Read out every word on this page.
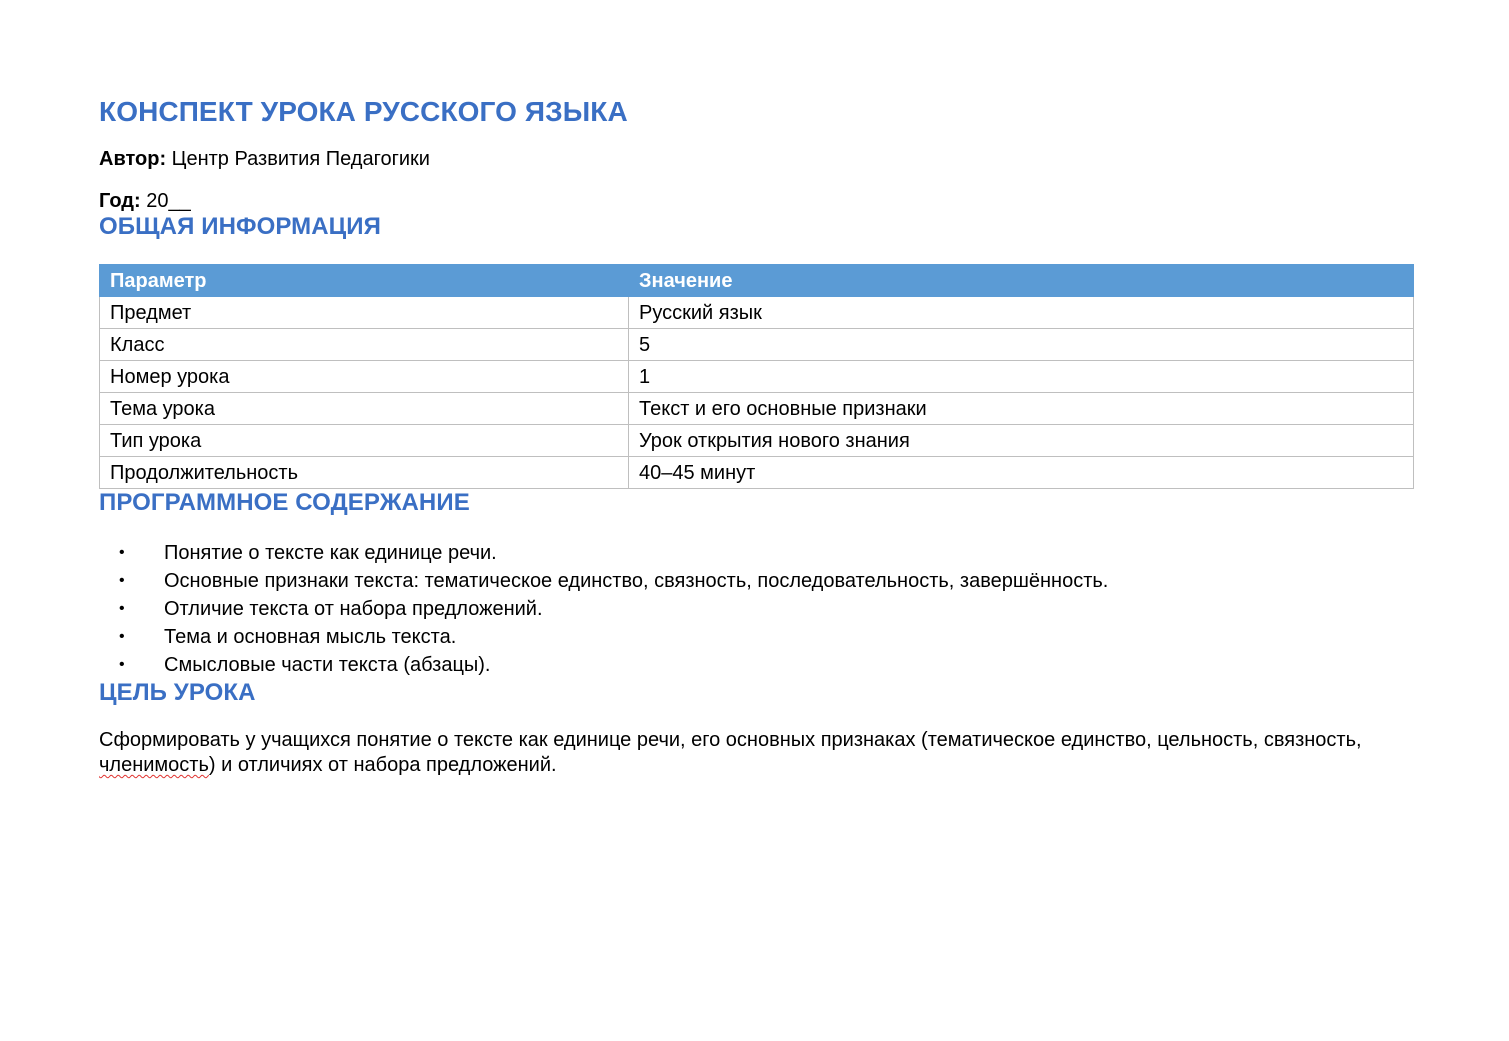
КОНСПЕКТ УРОКА РУССКОГО ЯЗЫКА

Автор: Центр Развития Педагогики

Год: 20__

ОБЩАЯ ИНФОРМАЦИЯ
Параметр	Значение
Предмет	Русский язык
Класс	5
Номер урока	1
Тема урока	Текст и его основные признаки
Тип урока	Урок открытия нового знания
Продолжительность	40–45 минут
ПРОГРАММНОЕ СОДЕРЖАНИЕ
• Понятие о тексте как единице речи.
• Основные признаки текста: тематическое единство, связность, последовательность, завершённость.
• Отличие текста от набора предложений.
• Тема и основная мысль текста.
• Смысловые части текста (абзацы).
ЦЕЛЬ УРОКА

Сформировать у учащихся понятие о тексте как единице речи, его основных признаках (тематическое единство, цельность, связность, членимость) и отличиях от набора предложений.
